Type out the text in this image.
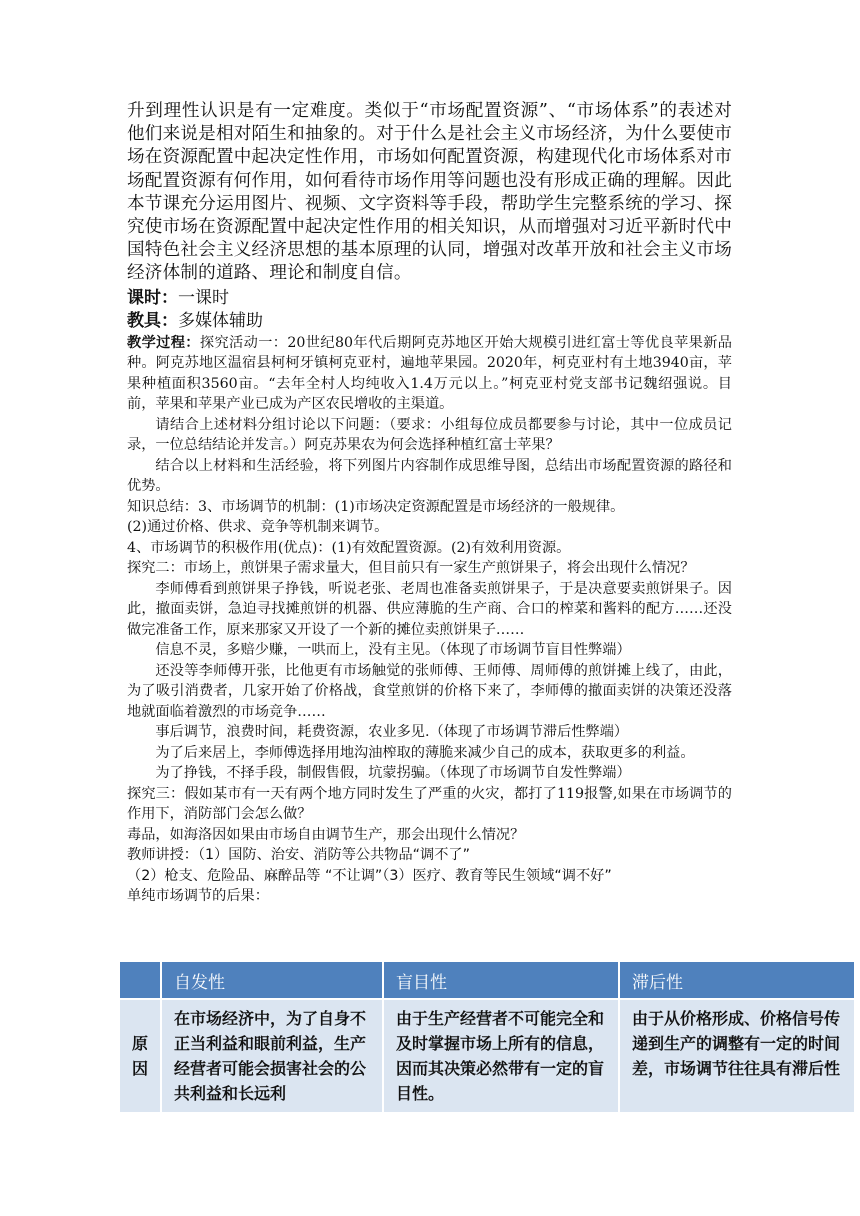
升到理性认识是有一定难度。类似于“市场配置资源”、“市场体系”的表述对他们来说是相对陌生和抽象的。对于什么是社会主义市场经济，为什么要使市场在资源配置中起决定性作用，市场如何配置资源，构建现代化市场体系对市场配置资源有何作用，如何看待市场作用等问题也没有形成正确的理解。因此本节课充分运用图片、视频、文字资料等手段，帮助学生完整系统的学习、探究使市场在资源配置中起决定性作用的相关知识，从而增强对习近平新时代中国特色社会主义经济思想的基本原理的认同，增强对改革开放和社会主义市场经济体制的道路、理论和制度自信。

课时：一课时

教具：多媒体辅助

教学过程：探究活动一：20世纪80年代后期阿克苏地区开始大规模引进红富士等优良苹果新品种。阿克苏地区温宿县柯柯牙镇柯克亚村，遍地苹果园。2020年，柯克亚村有土地3940亩，苹果种植面积3560亩。“去年全村人均纯收入1.4万元以上。”柯克亚村党支部书记魏绍强说。目前，苹果和苹果产业已成为产区农民增收的主渠道。

请结合上述材料分组讨论以下问题：（要求：小组每位成员都要参与讨论，其中一位成员记录，一位总结结论并发言。）阿克苏果农为何会选择种植红富士苹果？

结合以上材料和生活经验，将下列图片内容制作成思维导图，总结出市场配置资源的路径和优势。

知识总结：3、市场调节的机制：(1)市场决定资源配置是市场经济的一般规律。

(2)通过价格、供求、竞争等机制来调节。

4、市场调节的积极作用(优点)：(1)有效配置资源。(2)有效利用资源。

探究二：市场上，煎饼果子需求量大，但目前只有一家生产煎饼果子，将会出现什么情况？

李师傅看到煎饼果子挣钱，听说老张、老周也准备卖煎饼果子，于是决意要卖煎饼果子。因此，撤面卖饼，急迫寻找摊煎饼的机器、供应薄脆的生产商、合口的榨菜和酱料的配方……还没做完准备工作，原来那家又开设了一个新的摊位卖煎饼果子……

信息不灵，多赔少赚，一哄而上，没有主见。（体现了市场调节盲目性弊端）

还没等李师傅开张，比他更有市场触觉的张师傅、王师傅、周师傅的煎饼摊上线了，由此，为了吸引消费者，几家开始了价格战，食堂煎饼的价格下来了，李师傅的撤面卖饼的决策还没落地就面临着激烈的市场竞争……

事后调节，浪费时间，耗费资源，农业多见.（体现了市场调节滞后性弊端）

为了后来居上，李师傅选择用地沟油榨取的薄脆来减少自己的成本，获取更多的利益。

为了挣钱，不择手段，制假售假，坑蒙拐骗。（体现了市场调节自发性弊端）

探究三：假如某市有一天有两个地方同时发生了严重的火灾，都打了119报警,如果在市场调节的作用下，消防部门会怎么做？

毒品，如海洛因如果由市场自由调节生产，那会出现什么情况？

教师讲授：（1）国防、治安、消防等公共物品“调不了”

（2）枪支、危险品、麻醉品等 “不让调”（3）医疗、教育等民生领域“调不好”

单纯市场调节的后果：

	自发性	盲目性	滞后性
原因	在市场经济中，为了自身不正当利益和眼前利益，生产经营者可能会损害社会的公共利益和长远利	由于生产经营者不可能完全和及时掌握市场上所有的信息，因而其决策必然带有一定的盲目性。	由于从价格形成、价格信号传递到生产的调整有一定的时间差，市场调节往往具有滞后性
